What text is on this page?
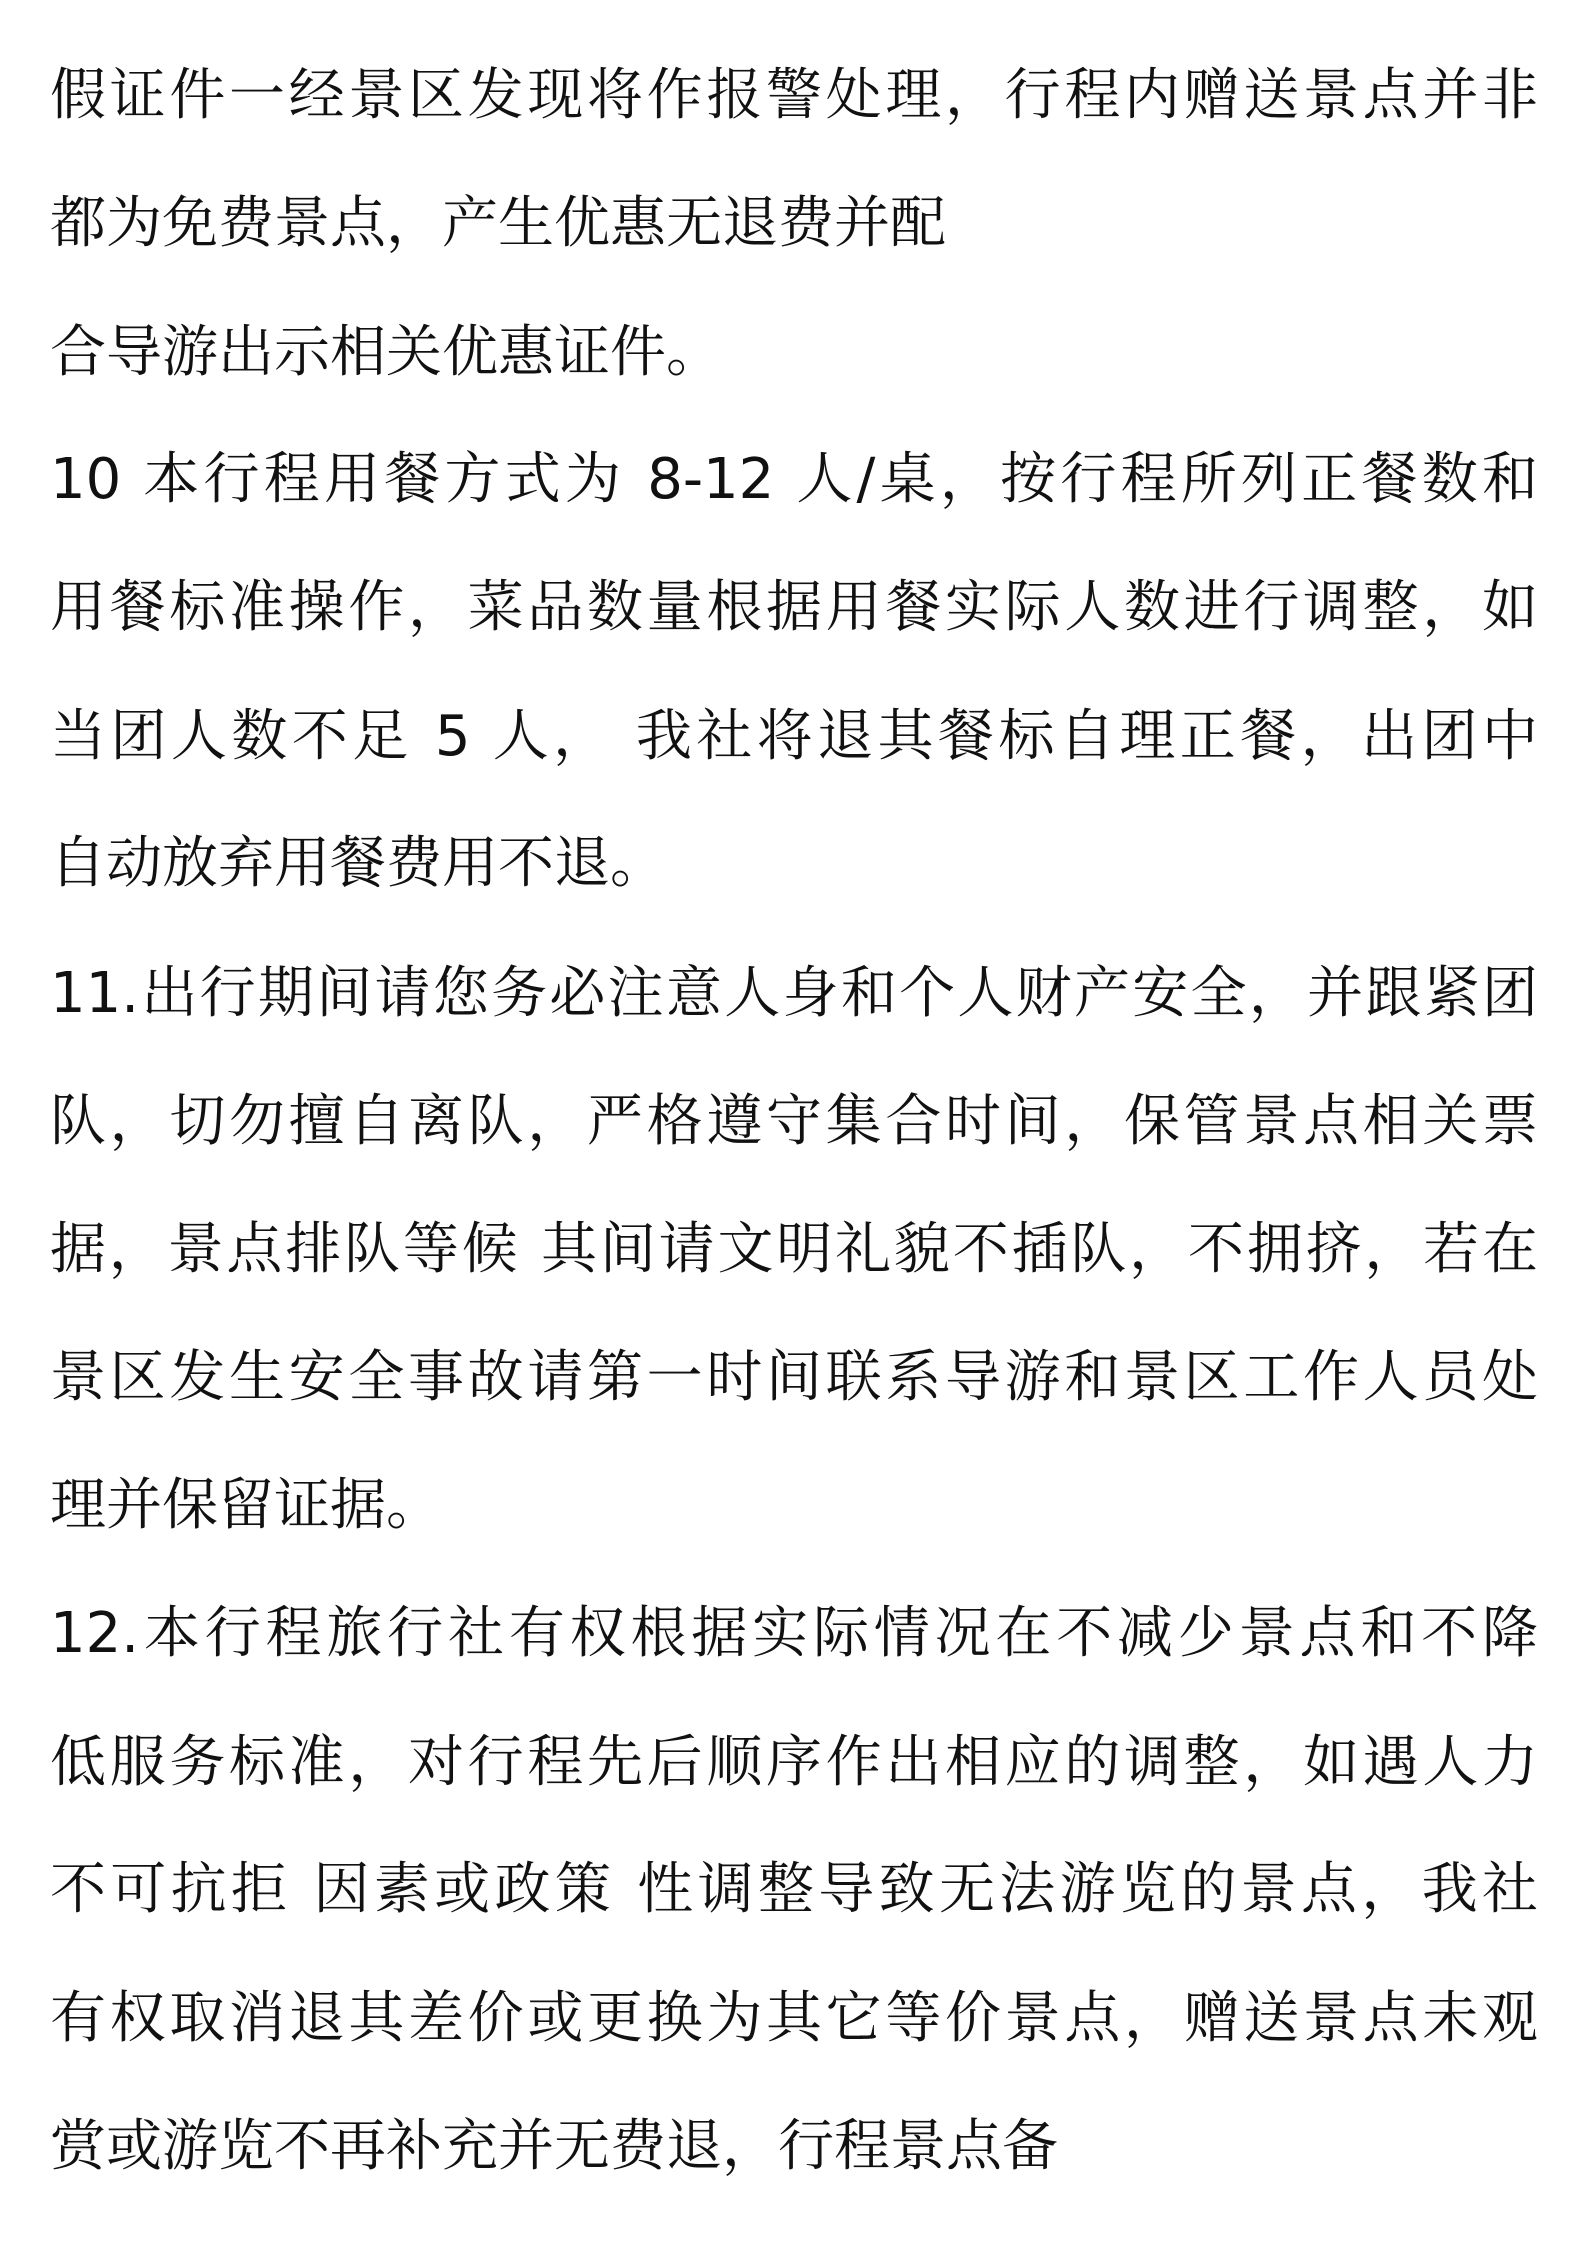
假证件一经景区发现将作报警处理，行程内赠送景点并非
都为免费景点，产生优惠无退费并配
合导游出示相关优惠证件。
10 本行程用餐方式为 8-12 人/桌，按行程所列正餐数和
用餐标准操作，菜品数量根据用餐实际人数进行调整，如
当团人数不足 5 人， 我社将退其餐标自理正餐，出团中
自动放弃用餐费用不退。
11.出行期间请您务必注意人身和个人财产安全，并跟紧团
队，切勿擅自离队，严格遵守集合时间，保管景点相关票
据，景点排队等候 其间请文明礼貌不插队，不拥挤，若在
景区发生安全事故请第一时间联系导游和景区工作人员处
理并保留证据。
12.本行程旅行社有权根据实际情况在不减少景点和不降
低服务标准，对行程先后顺序作出相应的调整，如遇人力
不可抗拒 因素或政策 性调整导致无法游览的景点，我社
有权取消退其差价或更换为其它等价景点，赠送景点未观
赏或游览不再补充并无费退，行程景点备
